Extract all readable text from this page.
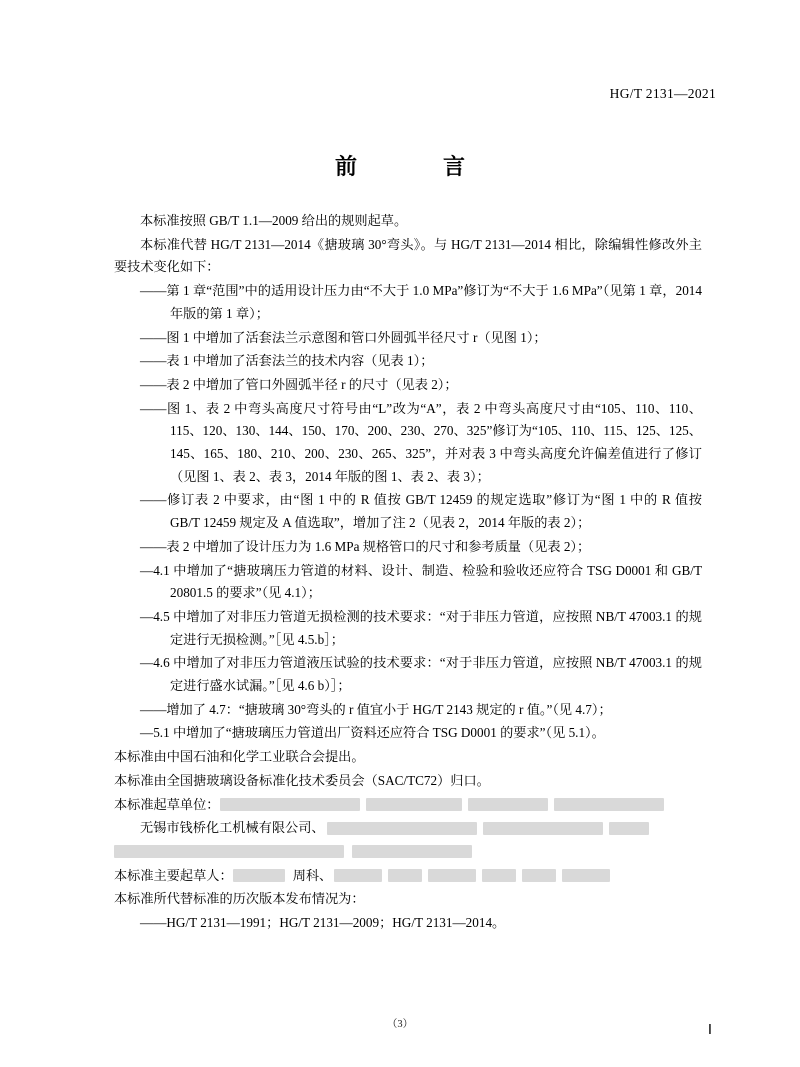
HG/T 2131—2021
前　　言

本标准按照 GB/T 1.1—2009 给出的规则起草。

本标准代替 HG/T 2131—2014《搪玻璃 30°弯头》。与 HG/T 2131—2014 相比，除编辑性修改外主要技术变化如下：

——第 1 章“范围”中的适用设计压力由“不大于 1.0 MPa”修订为“不大于 1.6 MPa”（见第 1 章，2014 年版的第 1 章）；

——图 1 中增加了活套法兰示意图和管口外圆弧半径尺寸 r（见图 1）；

——表 1 中增加了活套法兰的技术内容（见表 1）；

——表 2 中增加了管口外圆弧半径 r 的尺寸（见表 2）；

——图 1、表 2 中弯头高度尺寸符号由“L”改为“A”，表 2 中弯头高度尺寸由“105、110、110、115、120、130、144、150、170、200、230、270、325”修订为“105、110、115、125、125、145、165、180、210、200、230、265、325”，并对表 3 中弯头高度允许偏差值进行了修订（见图 1、表 2、表 3，2014 年版的图 1、表 2、表 3）；

——修订表 2 中要求，由“图 1 中的 R 值按 GB/T 12459 的规定选取”修订为“图 1 中的 R 值按 GB/T 12459 规定及 A 值选取”，增加了注 2（见表 2，2014 年版的表 2）；

——表 2 中增加了设计压力为 1.6 MPa 规格管口的尺寸和参考质量（见表 2）；

—4.1 中增加了“搪玻璃压力管道的材料、设计、制造、检验和验收还应符合 TSG D0001 和 GB/T 20801.5 的要求”（见 4.1）；

—4.5 中增加了对非压力管道无损检测的技术要求：“对于非压力管道，应按照 NB/T 47003.1 的规定进行无损检测。”［见 4.5.b］；

—4.6 中增加了对非压力管道液压试验的技术要求：“对于非压力管道，应按照 NB/T 47003.1 的规定进行盛水试漏。”［见 4.6 b）］；

——增加了 4.7：“搪玻璃 30°弯头的 r 值宜小于 HG/T 2143 规定的 r 值。”（见 4.7）；

—5.1 中增加了“搪玻璃压力管道出厂资料还应符合 TSG D0001 的要求”（见 5.1）。

本标准由中国石油和化学工业联合会提出。

本标准由全国搪玻璃设备标准化技术委员会（SAC/TC72）归口。

本标准起草单位：

无锡市钱桥化工机械有限公司、

本标准主要起草人：	周科、

本标准所代替标准的历次版本发布情况为：

——HG/T 2131—1991；HG/T 2131—2009；HG/T 2131—2014。

（3）	Ⅰ
